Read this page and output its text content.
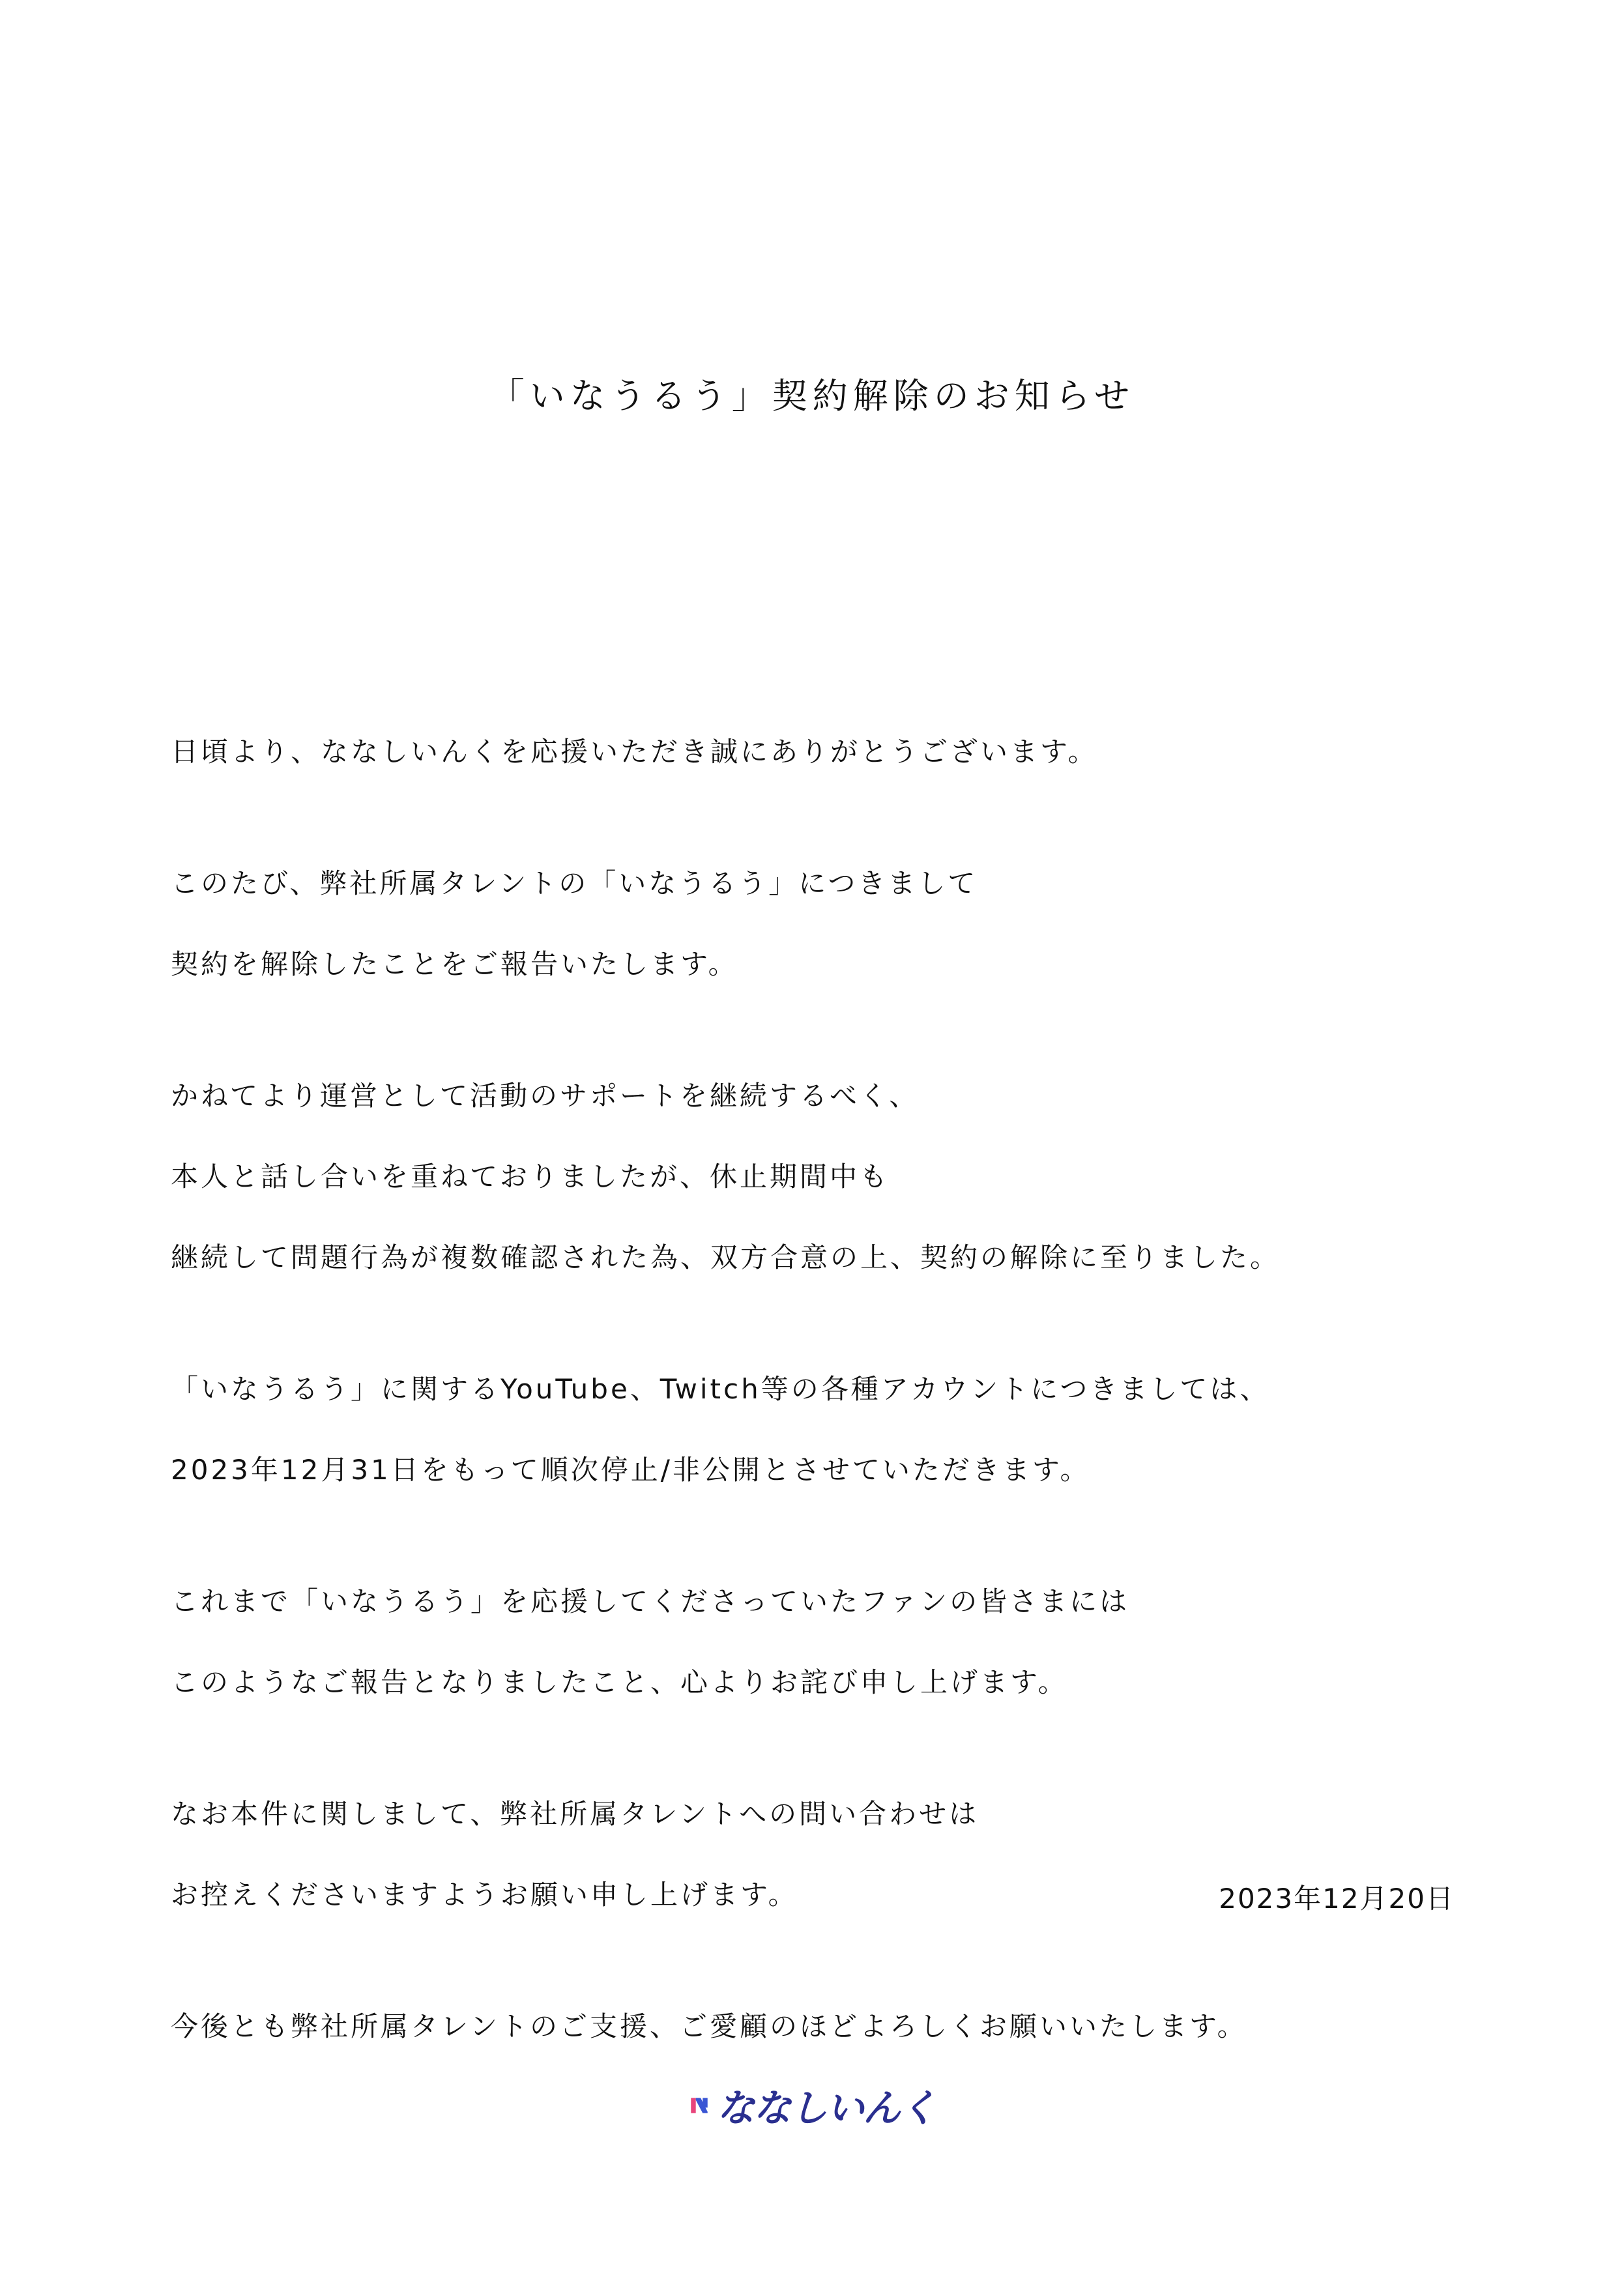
「いなうるう」契約解除のお知らせ

日頃より、ななしいんくを応援いただき誠にありがとうございます。

このたび、弊社所属タレントの「いなうるう」につきまして
契約を解除したことをご報告いたします。

かねてより運営として活動のサポートを継続するべく、
本人と話し合いを重ねておりましたが、休止期間中も
継続して問題行為が複数確認された為、双方合意の上、契約の解除に至りました。

「いなうるう」に関するYouTube、Twitch等の各種アカウントにつきましては、
2023年12月31日をもって順次停止/非公開とさせていただきます。

これまで「いなうるう」を応援してくださっていたファンの皆さまには
このようなご報告となりましたこと、心よりお詫び申し上げます。

なお本件に関しまして、弊社所属タレントへの問い合わせは
お控えくださいますようお願い申し上げます。

今後とも弊社所属タレントのご支援、ご愛顧のほどよろしくお願いいたします。

2023年12月20日
ななしいんく
